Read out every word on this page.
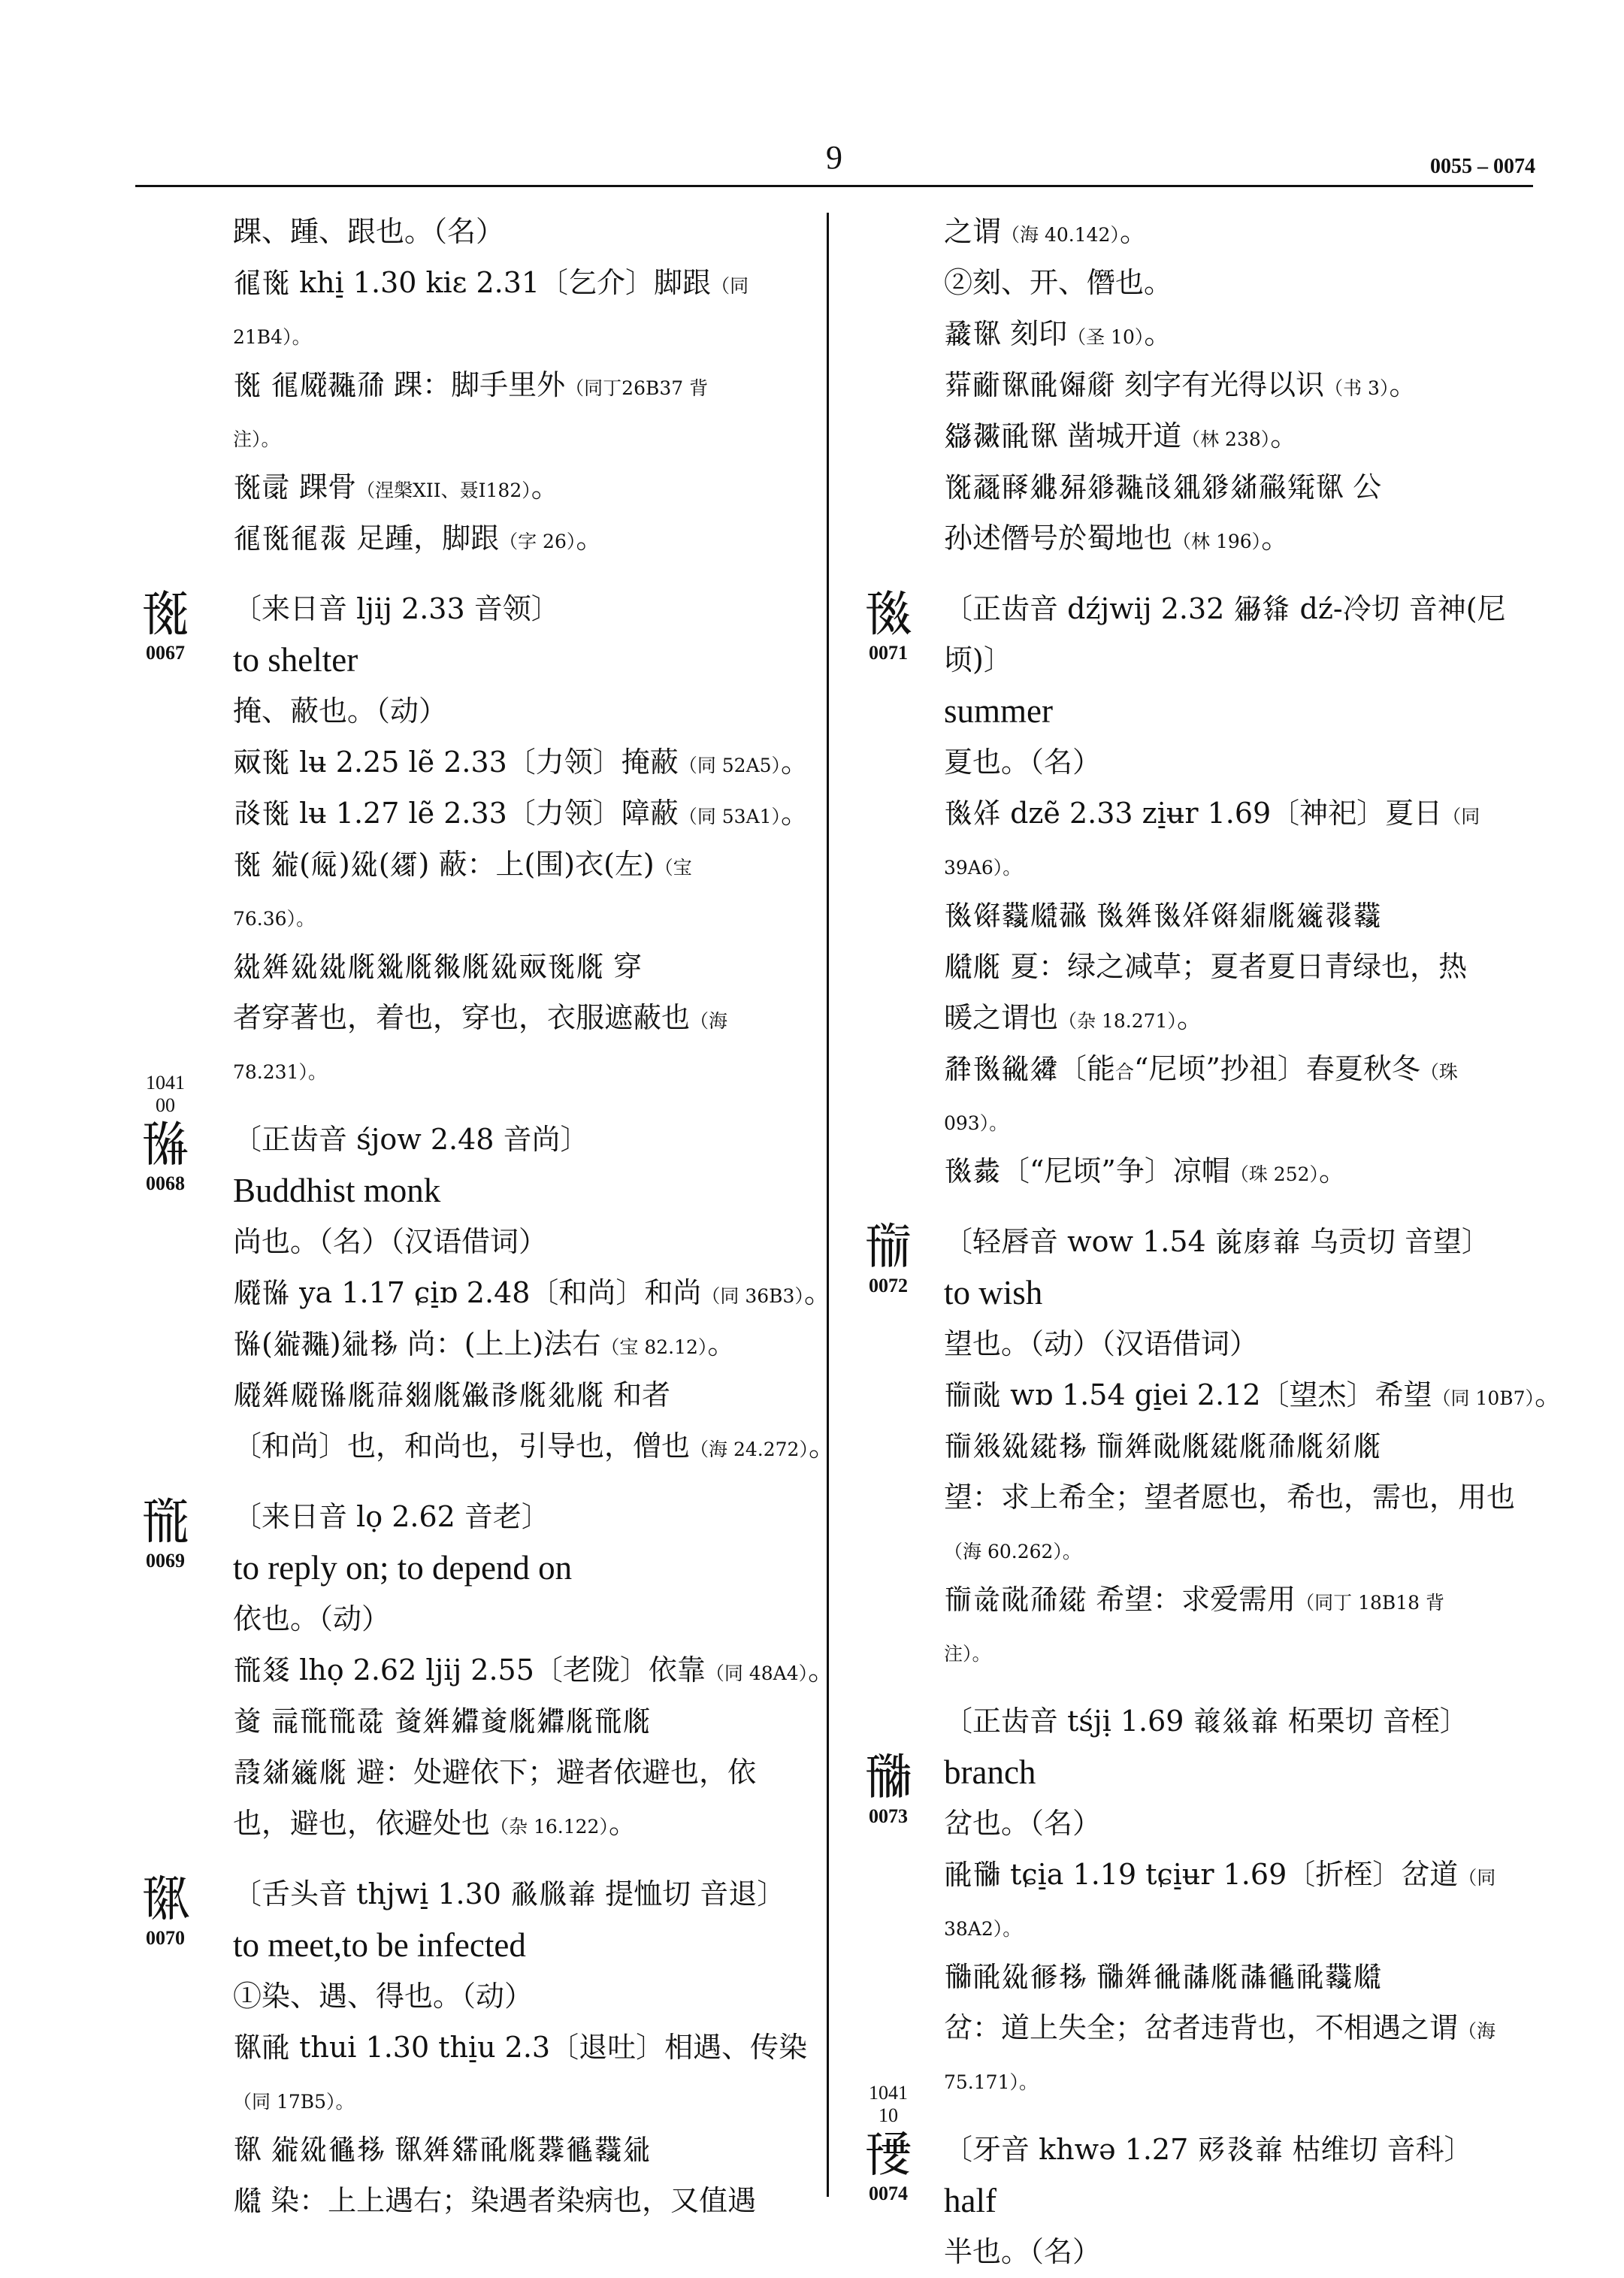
9	0055 – 0074
踝、踵、跟也。（名）
𗢛𗍊 khi̠ 1.30 kiɛ 2.31〔乞介〕脚跟（同
21B4）。
𗍊 𗢛𗆧𗖵𗗙 踝：脚手里外（同丁26B37 背
注）。
𗍊𗕑 踝骨（涅槃XII、聂Ⅰ182）。
𗢛𗍊𗢛𗖎 足踵，脚跟（字 26）。
〔来日音 ljij 2.33 音领〕
to shelter
掩、蔽也。（动）
𗠉𗍊 lʉ 2.25 lẽ 2.33〔力领〕掩蔽（同 52A5）。
𗰗𗍊 lʉ 1.27 lẽ 2.33〔力领〕障蔽（同 53A1）。
𗍊 𗨁(𗏁)𗤇(𗨻) 蔽：上(围)衣(左)（宝
76.36）。
𗥞𗤶𗤇𗥞𗅋𗿇𗅋𗬫𗅋𗤇𗠉𗍊𗅋 穿
者穿著也，着也，穿也，衣服遮蔽也（海
78.231）。
〔正齿音 śjow 2.48 音尚〕
Buddhist monk
尚也。（名）（汉语借词）
𗆧𗍉 ya 1.17 ɕi̠ɒ 2.48〔和尚〕和尚（同 36B3）。
𗍉(𗨁𗖵)𗣼𗈪 尚：(上上)法右（宝 82.12）。
𗆧𗤶𗆧𗍉𗅋𗗚𗾞𗅋𗏹𗰔𗅋𗢭𗅋 和者
〔和尚〕也，和尚也，引导也，僧也（海 24.272）。
〔来日音 lọ 2.62 音老〕
to reply on; to depend on
依也。（动）
𗍋𗾭 lhọ 2.62 ljij 2.55〔老陇〕依靠（同 48A4）。
𗒹 𗄈𗍋𗍋𗱕 𗒹𗤶𗫘𗒹𗅋𗫘𗅋𗍋𗅋
𗱸𗣫𗫂𗅋 避：处避依下；避者依避也，依
也，避也，依避处也（杂 16.122）。
〔舌头音 thjwi̠ 1.30 𗳆𗅢𗒐 提恤切 音退〕
to meet,to be infected
①染、遇、得也。（动）
𗍎𗍷 thui 1.30 thi̠u 2.3〔退吐〕相遇、传染
（同 17B5）。
𗍎 𗨁𗤇𗢥𗈪 𗍎𗤶𗿒𗍷𗅋𗷔𗢥𗷖𗣼
𗆮 染：上上遇右；染遇者染病也，又值遇
之谓（海 40.142）。
②刻、开、僭也。
𗲫𗍎 刻印（圣 10）。
𗚟𗠁𗍎𗍷𗃶𗏆 刻字有光得以识（书 3）。
𗿕𗗂𗍷𗍎 凿城开道（林 238）。
𗭴𗹙𗶚𗥓𗉘𗤁𗖵𗭊𗤀𗤁𗣫𗗟𗋕𗍎 公
孙述僭号於蜀地也（林 196）。
〔正齿音 dźjwij 2.32 𗥈𗌭 dź-冷切 音神(尼
顷)〕
summer
夏也。（名）
𗍏𗏌 dzẽ 2.33 zi̠ʉr 1.69〔神祀〕夏日（同
39A6）。
𗍏𗃬𗷖𗆮𗖻 𗍏𗤶𗍏𗏌𗃬𗤋𗅋𗫂𗖞𗷖
𗆮𗅋 夏：绿之减草；夏者夏日青绿也，热
暖之谓也（杂 18.271）。
𗴂𗍏𗻛𗫒〔能合“尼顷”抄祖〕春夏秋冬（珠
093）。
𗍏𗳀〔“尼顷”争〕凉帽（珠 252）。
〔轻唇音 wow 1.54 𗐯𗐝𗒐 乌贡切 音望〕
to wish
望也。（动）（汉语借词）
𗍐𗍺 wɒ 1.54 gi̠ei 2.12〔望杰〕希望（同 10B7）。
𗍐𗤼𗤇𗩱𗈪 𗍐𗤶𗍺𗅋𗩱𗅋𗗙𗅋𗢯𗅋
望：求上希全；望者愿也，希也，需也，用也
（海 60.262）。
𗍐𗯨𗍺𗗙𗩱 希望：求爱需用（同丁 18B18 背
注）。
〔正齿音 tśjị 1.69 𗓆𗤦𗒐 柘栗切 音桎〕
branch
岔也。（名）
𗍷𗍑 tɕi̠a 1.19 tɕi̠ʉr 1.69〔折桎〕岔道（同
38A2）。
𗍑𗍷𗤇𗢓𗈪 𗍑𗤶𗢜𗰜𗅋𗰜𗢥𗍷𗷖𗆮
岔：道上失全；岔者违背也，不相遇之谓（海
75.171）。
〔牙音 khwə 1.27 𗠃𗖅𗒐 枯维切 音科〕
half
半也。（名）
𗍊
0067
1041
00
𗍉
0068
𗍋
0069
𗍎
0070
𗍏
0071
𗍐
0072
𗍑
0073
1041
10
𗍒
0074
